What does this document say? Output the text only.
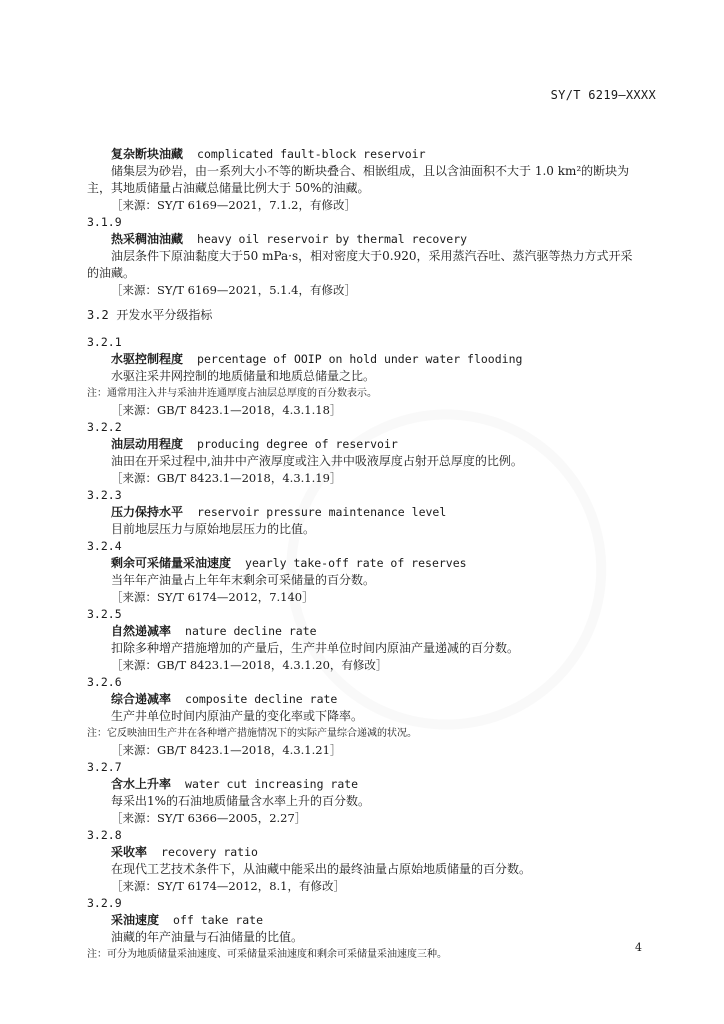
SY/T 6219—XXXX
复杂断块油藏 complicated fault-block reservoir
储集层为砂岩，由一系列大小不等的断块叠合、相嵌组成，且以含油面积不大于 1.0 km²的断块为
主，其地质储量占油藏总储量比例大于 50%的油藏。
［来源：SY/T 6169—2021，7.1.2，有修改］
3.1.9
热采稠油油藏 heavy oil reservoir by thermal recovery
油层条件下原油黏度大于50 mPa·s，相对密度大于0.920，采用蒸汽吞吐、蒸汽驱等热力方式开采
的油藏。
［来源：SY/T 6169—2021，5.1.4，有修改］
3.2 开发水平分级指标
3.2.1
水驱控制程度 percentage of OOIP on hold under water flooding
水驱注采井网控制的地质储量和地质总储量之比。
注：通常用注入井与采油井连通厚度占油层总厚度的百分数表示。
［来源：GB/T 8423.1—2018，4.3.1.18］
3.2.2
油层动用程度 producing degree of reservoir
油田在开采过程中,油井中产液厚度或注入井中吸液厚度占射开总厚度的比例。
［来源：GB/T 8423.1—2018，4.3.1.19］
3.2.3
压力保持水平 reservoir pressure maintenance level
目前地层压力与原始地层压力的比值。
3.2.4
剩余可采储量采油速度 yearly take-off rate of reserves
当年年产油量占上年年末剩余可采储量的百分数。
［来源：SY/T 6174—2012，7.140］
3.2.5
自然递减率 nature decline rate
扣除多种增产措施增加的产量后，生产井单位时间内原油产量递减的百分数。
［来源：GB/T 8423.1—2018，4.3.1.20，有修改］
3.2.6
综合递减率 composite decline rate
生产井单位时间内原油产量的变化率或下降率。
注：它反映油田生产井在各种增产措施情况下的实际产量综合递减的状况。
［来源：GB/T 8423.1—2018，4.3.1.21］
3.2.7
含水上升率 water cut increasing rate
每采出1%的石油地质储量含水率上升的百分数。
［来源：SY/T 6366—2005，2.27］
3.2.8
采收率 recovery ratio
在现代工艺技术条件下，从油藏中能采出的最终油量占原始地质储量的百分数。
［来源：SY/T 6174—2012，8.1，有修改］
3.2.9
采油速度 off take rate
油藏的年产油量与石油储量的比值。
注：可分为地质储量采油速度、可采储量采油速度和剩余可采储量采油速度三种。
4
